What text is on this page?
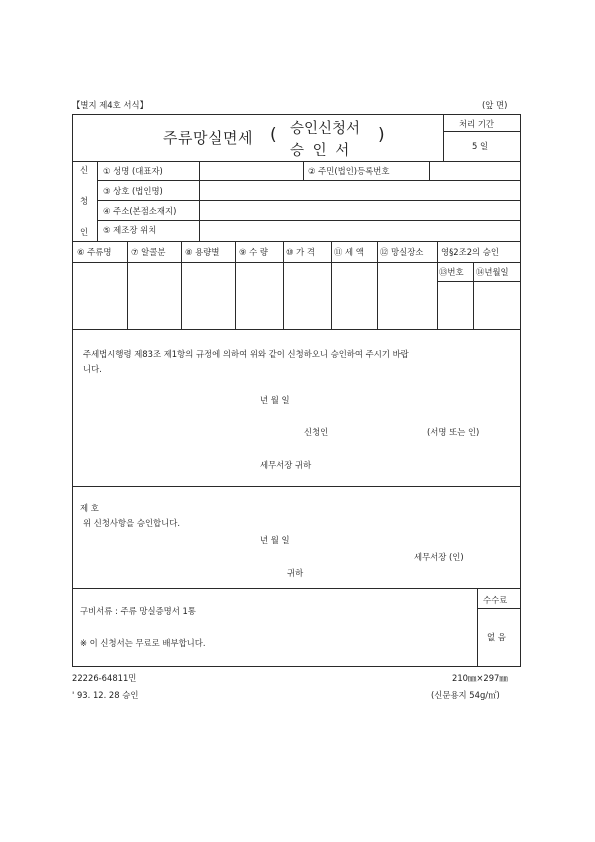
【별지 제4호 서식】	(앞 면)
주류망실면세 ( 승인신청서
승 인 서
)
처리 기간
5 일
신
청
인
① 성명 (대표자)	② 주민(법인)등록번호
③ 상호 (법인명)
④ 주소(본점소재지)
⑤ 제조장 위치
⑥ 주류명 ⑦ 알콜분 ⑧ 용량별 ⑨ 수 량 ⑩ 가 격 ⑪ 세 액 ⑫ 망실장소 영§2조2의 승인
⑬번호 ⑭년월일
주세법시행령 제83조 제1항의 규정에 의하여 위와 같이 신청하오니 승인하여 주시기 바랍
니다.
년 월 일
신청인	(서명 또는 인)
세무서장 귀하
제 호
위 신청사항을 승인합니다.
년 월 일
세무서장 (인)
귀하
구비서류 : 주류 망실증명서 1통
※ 이 신청서는 무료로 배부합니다.
수수료
없 음
22226-64811민
' 93. 12. 28 승인
210㎜×297㎜
(신문용지 54g/㎡)
